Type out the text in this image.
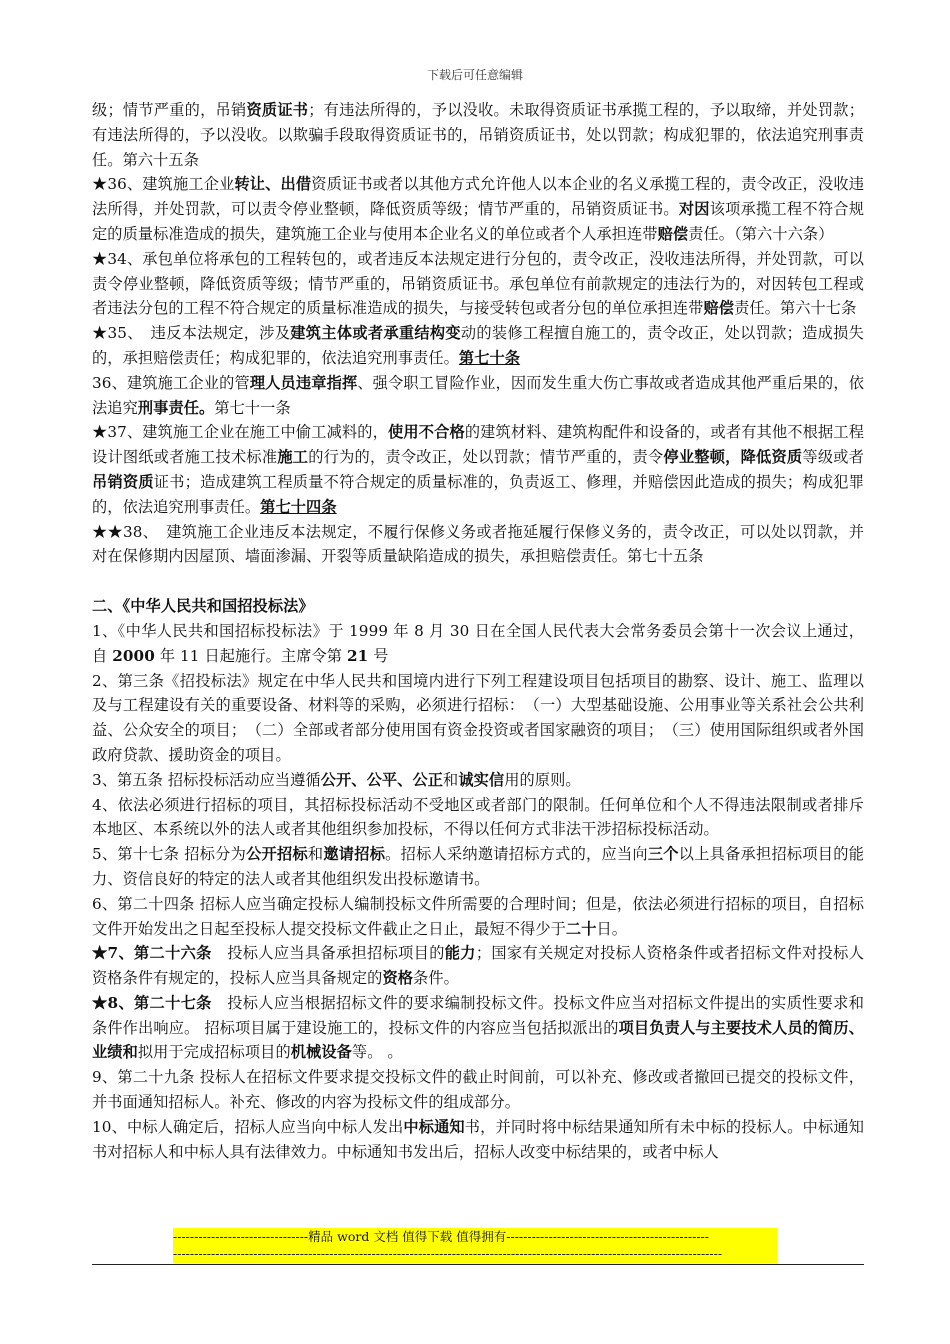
下载后可任意编辑

级；情节严重的，吊销资质证书；有违法所得的，予以没收。未取得资质证书承揽工程的，予以取缔，并处罚款；有违法所得的，予以没收。以欺骗手段取得资质证书的，吊销资质证书，处以罚款；构成犯罪的，依法追究刑事责任。第六十五条

★36、建筑施工企业转让、出借资质证书或者以其他方式允许他人以本企业的名义承揽工程的，责令改正，没收违法所得，并处罚款，可以责令停业整顿，降低资质等级；情节严重的，吊销资质证书。对因该项承揽工程不符合规定的质量标准造成的损失，建筑施工企业与使用本企业名义的单位或者个人承担连带赔偿责任。（第六十六条）

★34、承包单位将承包的工程转包的，或者违反本法规定进行分包的，责令改正，没收违法所得，并处罚款，可以责令停业整顿，降低资质等级；情节严重的，吊销资质证书。承包单位有前款规定的违法行为的，对因转包工程或者违法分包的工程不符合规定的质量标准造成的损失，与接受转包或者分包的单位承担连带赔偿责任。第六十七条

★35、　违反本法规定，涉及建筑主体或者承重结构变动的装修工程擅自施工的，责令改正，处以罚款；造成损失的，承担赔偿责任；构成犯罪的，依法追究刑事责任。第七十条

36、建筑施工企业的管理人员违章指挥、强令职工冒险作业，因而发生重大伤亡事故或者造成其他严重后果的，依法追究刑事责任。第七十一条

★37、建筑施工企业在施工中偷工减料的，使用不合格的建筑材料、建筑构配件和设备的，或者有其他不根据工程设计图纸或者施工技术标准施工的行为的，责令改正，处以罚款；情节严重的，责令停业整顿，降低资质等级或者吊销资质证书；造成建筑工程质量不符合规定的质量标准的，负责返工、修理，并赔偿因此造成的损失；构成犯罪的，依法追究刑事责任。第七十四条

★★38、　建筑施工企业违反本法规定，不履行保修义务或者拖延履行保修义务的，责令改正，可以处以罚款，并对在保修期内因屋顶、墙面渗漏、开裂等质量缺陷造成的损失，承担赔偿责任。第七十五条

二、《中华人民共和国招投标法》

1、《中华人民共和国招标投标法》于 1999 年 8 月 30 日在全国人民代表大会常务委员会第十一次会议上通过，自 2000 年 11 日起施行。主席令第 21 号

2、第三条《招投标法》规定在中华人民共和国境内进行下列工程建设项目包括项目的勘察、设计、施工、监理以及与工程建设有关的重要设备、材料等的采购，必须进行招标：　（一）大型基础设施、公用事业等关系社会公共利益、公众安全的项目；　（二）全部或者部分使用国有资金投资或者国家融资的项目；　（三）使用国际组织或者外国政府贷款、援助资金的项目。

3、第五条 招标投标活动应当遵循公开、公平、公正和诚实信用的原则。

4、依法必须进行招标的项目，其招标投标活动不受地区或者部门的限制。任何单位和个人不得违法限制或者排斥本地区、本系统以外的法人或者其他组织参加投标，不得以任何方式非法干涉招标投标活动。

5、第十七条 招标分为公开招标和邀请招标。招标人采纳邀请招标方式的，应当向三个以上具备承担招标项目的能力、资信良好的特定的法人或者其他组织发出投标邀请书。

6、第二十四条 招标人应当确定投标人编制投标文件所需要的合理时间；但是，依法必须进行招标的项目，自招标文件开始发出之日起至投标人提交投标文件截止之日止，最短不得少于二十日。

★7、第二十六条　投标人应当具备承担招标项目的能力；国家有关规定对投标人资格条件或者招标文件对投标人资格条件有规定的，投标人应当具备规定的资格条件。

★8、第二十七条　投标人应当根据招标文件的要求编制投标文件。投标文件应当对招标文件提出的实质性要求和条件作出响应。 招标项目属于建设施工的，投标文件的内容应当包括拟派出的项目负责人与主要技术人员的简历、业绩和拟用于完成招标项目的机械设备等。 。

9、第二十九条 投标人在招标文件要求提交投标文件的截止时间前，可以补充、修改或者撤回已提交的投标文件，并书面通知招标人。补充、修改的内容为投标文件的组成部分。

10、中标人确定后，招标人应当向中标人发出中标通知书，并同时将中标结果通知所有未中标的投标人。中标通知书对招标人和中标人具有法律效力。中标通知书发出后，招标人改变中标结果的，或者中标人

--------------------------------精品 word 文档 值得下载 值得拥有------------------------------------------------
----------------------------------------------------------------------------------------------------------------------------------
